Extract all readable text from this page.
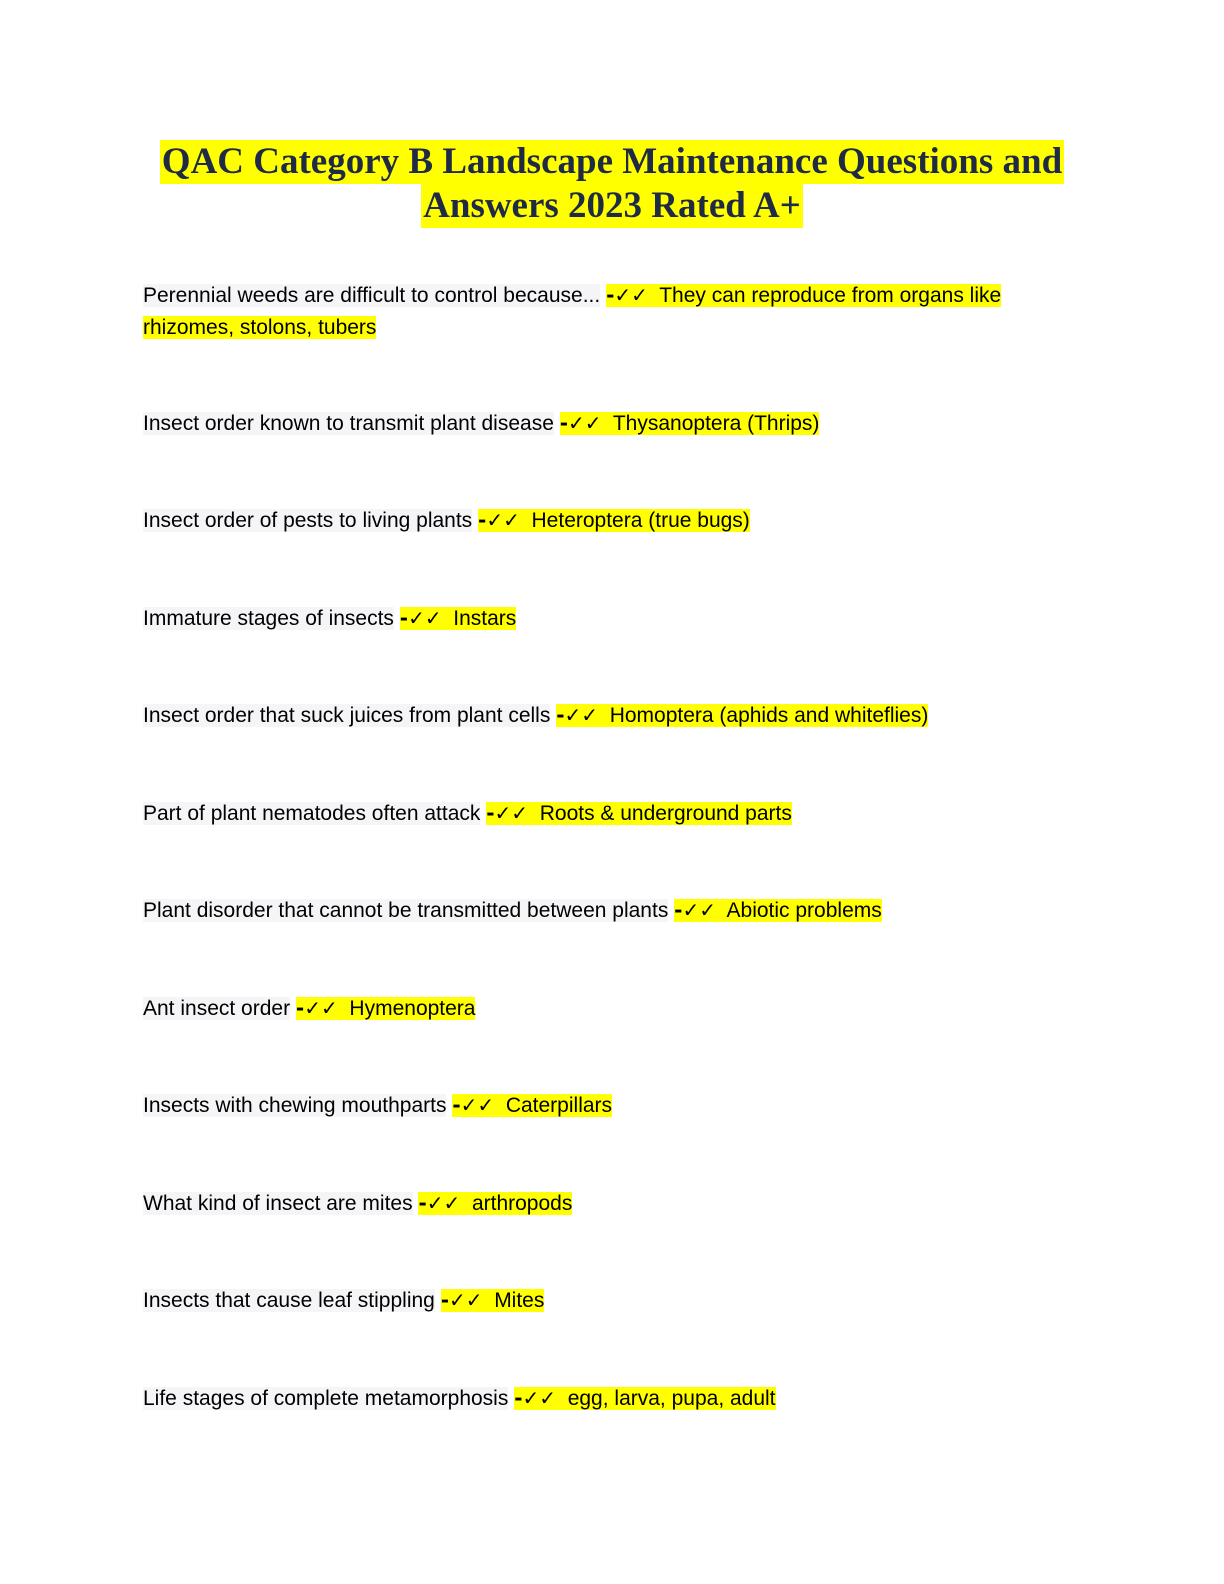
QAC Category B Landscape Maintenance Questions and
Answers 2023 Rated A+
Perennial weeds are difficult to control because... -✓✓ They can reproduce from organs like
rhizomes, stolons, tubers
Insect order known to transmit plant disease -✓✓ Thysanoptera (Thrips)
Insect order of pests to living plants -✓✓ Heteroptera (true bugs)
Immature stages of insects -✓✓ Instars
Insect order that suck juices from plant cells -✓✓ Homoptera (aphids and whiteflies)
Part of plant nematodes often attack -✓✓ Roots & underground parts
Plant disorder that cannot be transmitted between plants -✓✓ Abiotic problems
Ant insect order -✓✓ Hymenoptera
Insects with chewing mouthparts -✓✓ Caterpillars
What kind of insect are mites -✓✓ arthropods
Insects that cause leaf stippling -✓✓ Mites
Life stages of complete metamorphosis -✓✓ egg, larva, pupa, adult
